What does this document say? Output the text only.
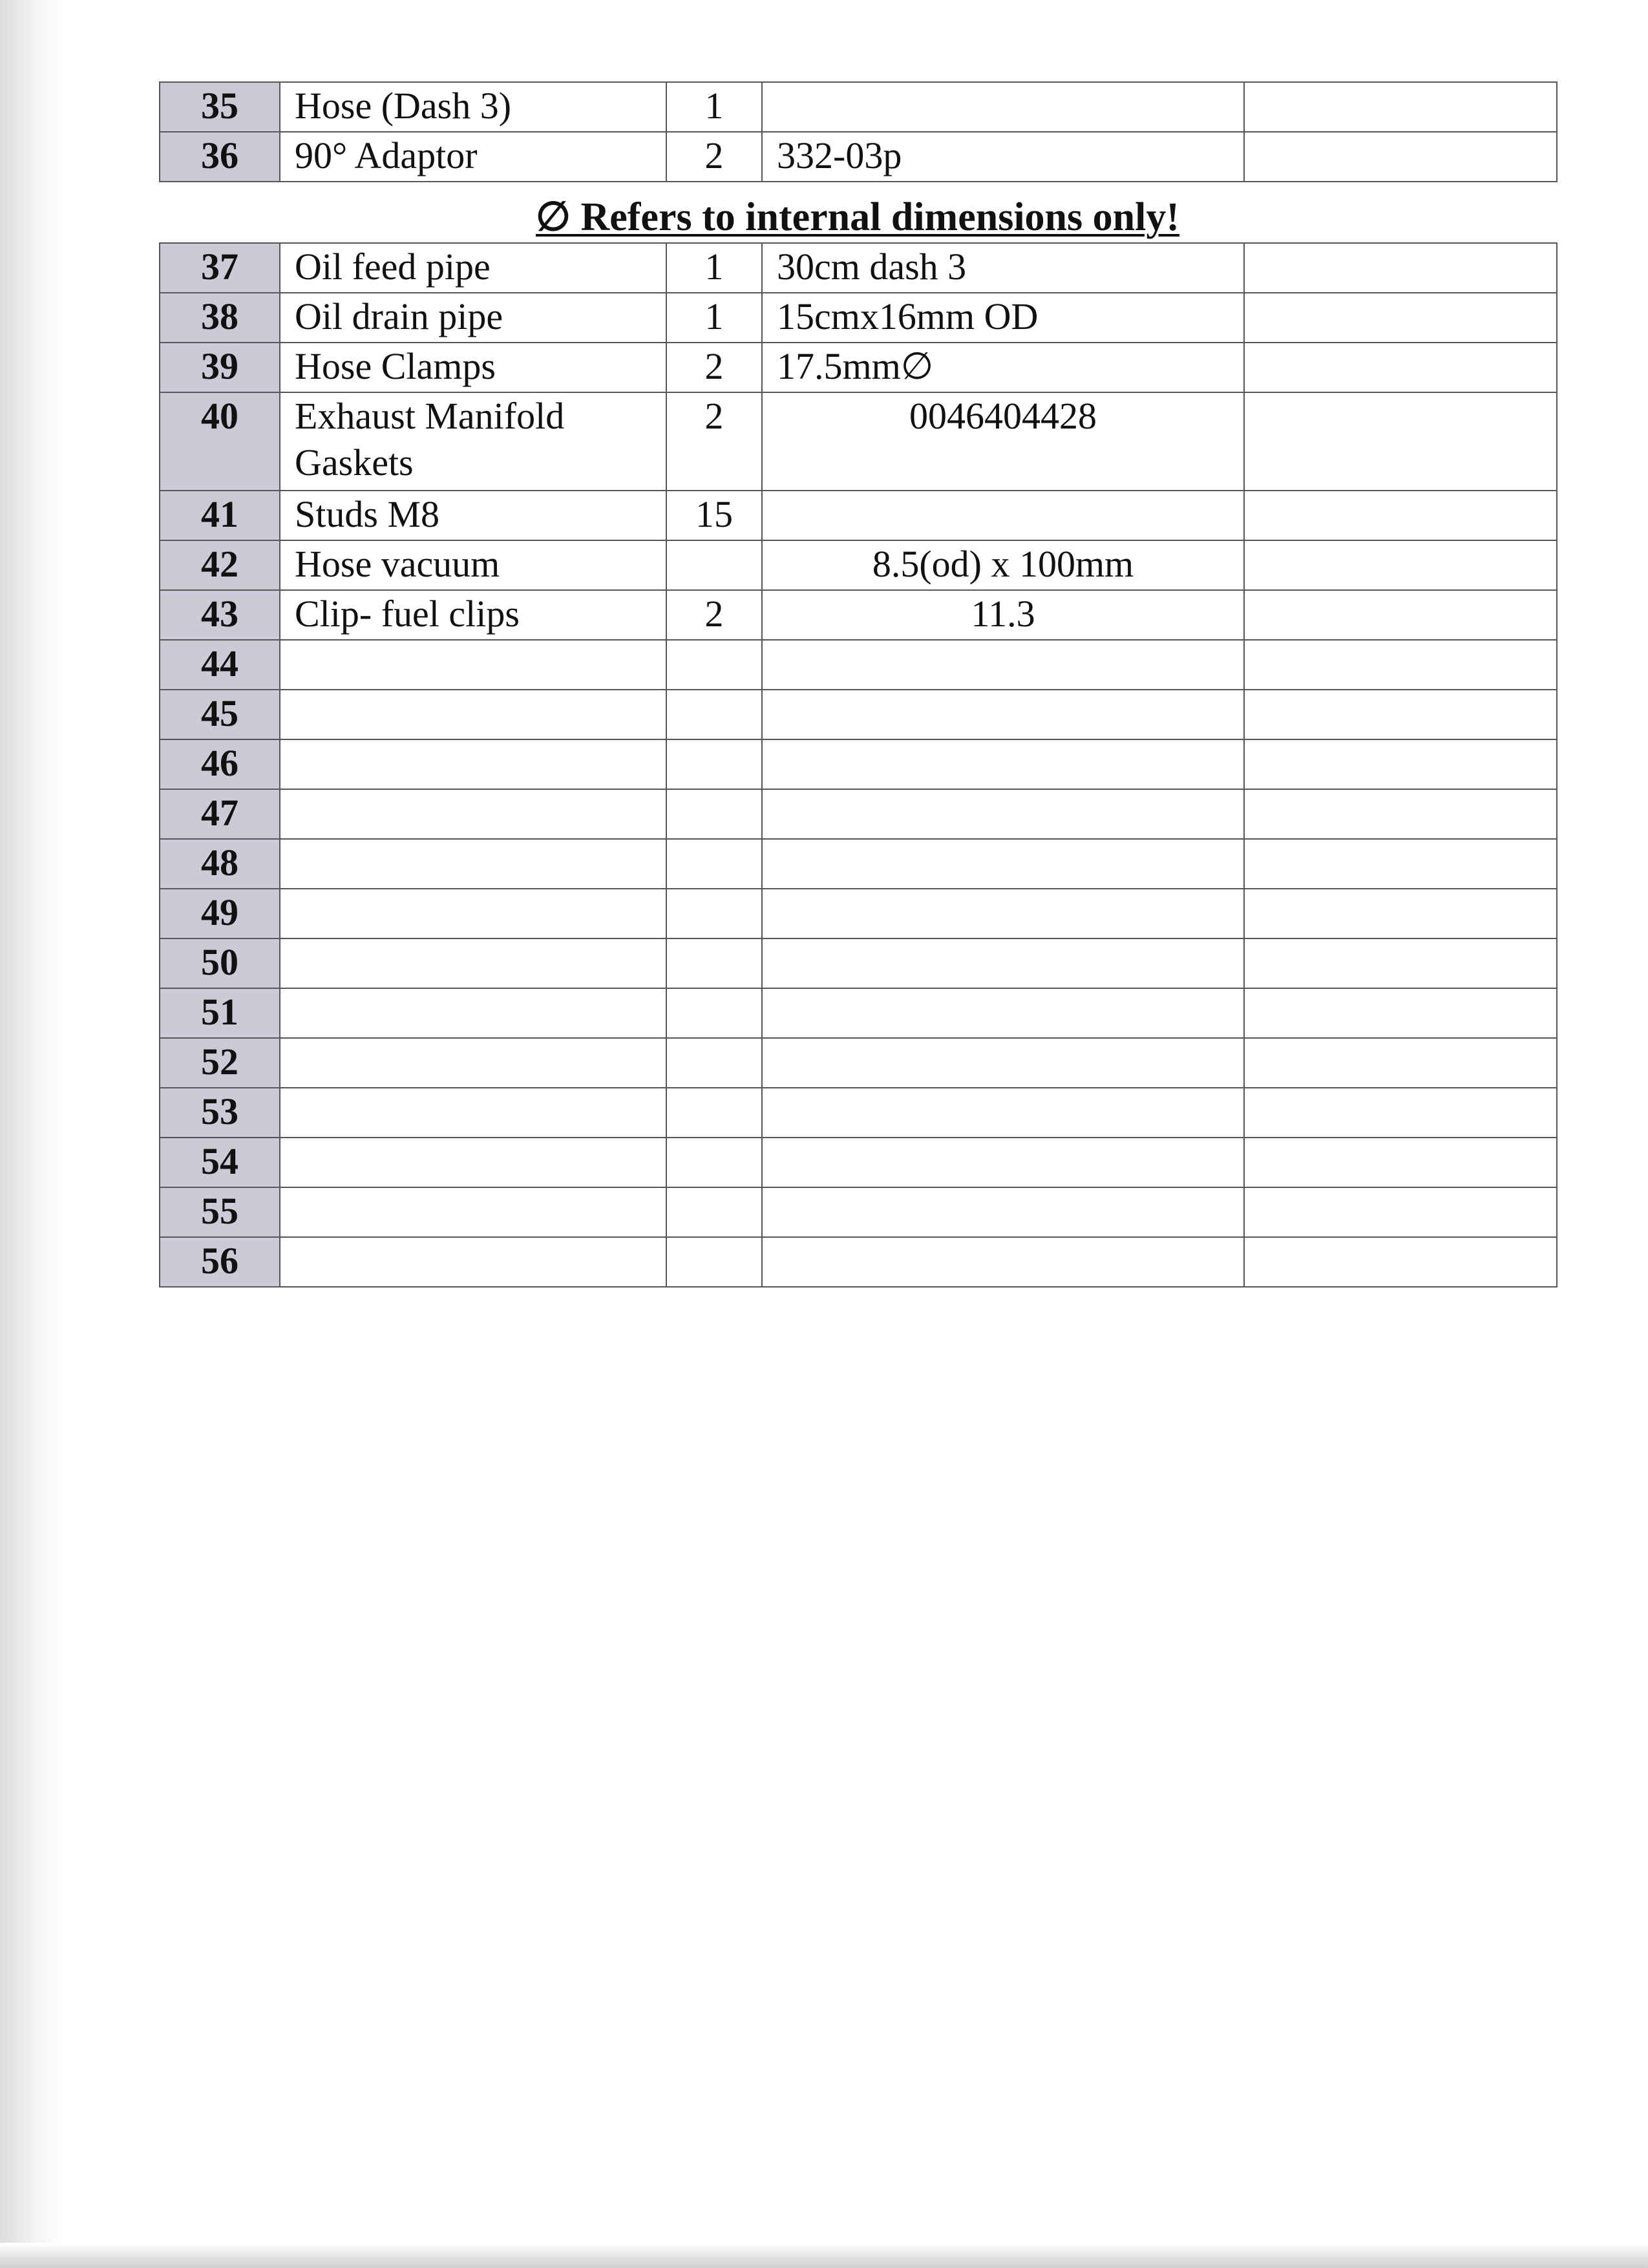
35	Hose (Dash 3)	1		
36	90° Adaptor	2	332-03p	
∅ Refers to internal dimensions only!
37	Oil feed pipe	1	30cm dash 3	
38	Oil drain pipe	1	15cmx16mm OD	
39	Hose Clamps	2	17.5mm∅	
40	Exhaust Manifold Gaskets	2	0046404428	
41	Studs M8	15		
42	Hose vacuum		8.5(od) x 100mm	
43	Clip- fuel clips	2	11.3	
44				
45				
46				
47				
48				
49				
50				
51				
52				
53				
54				
55				
56				
